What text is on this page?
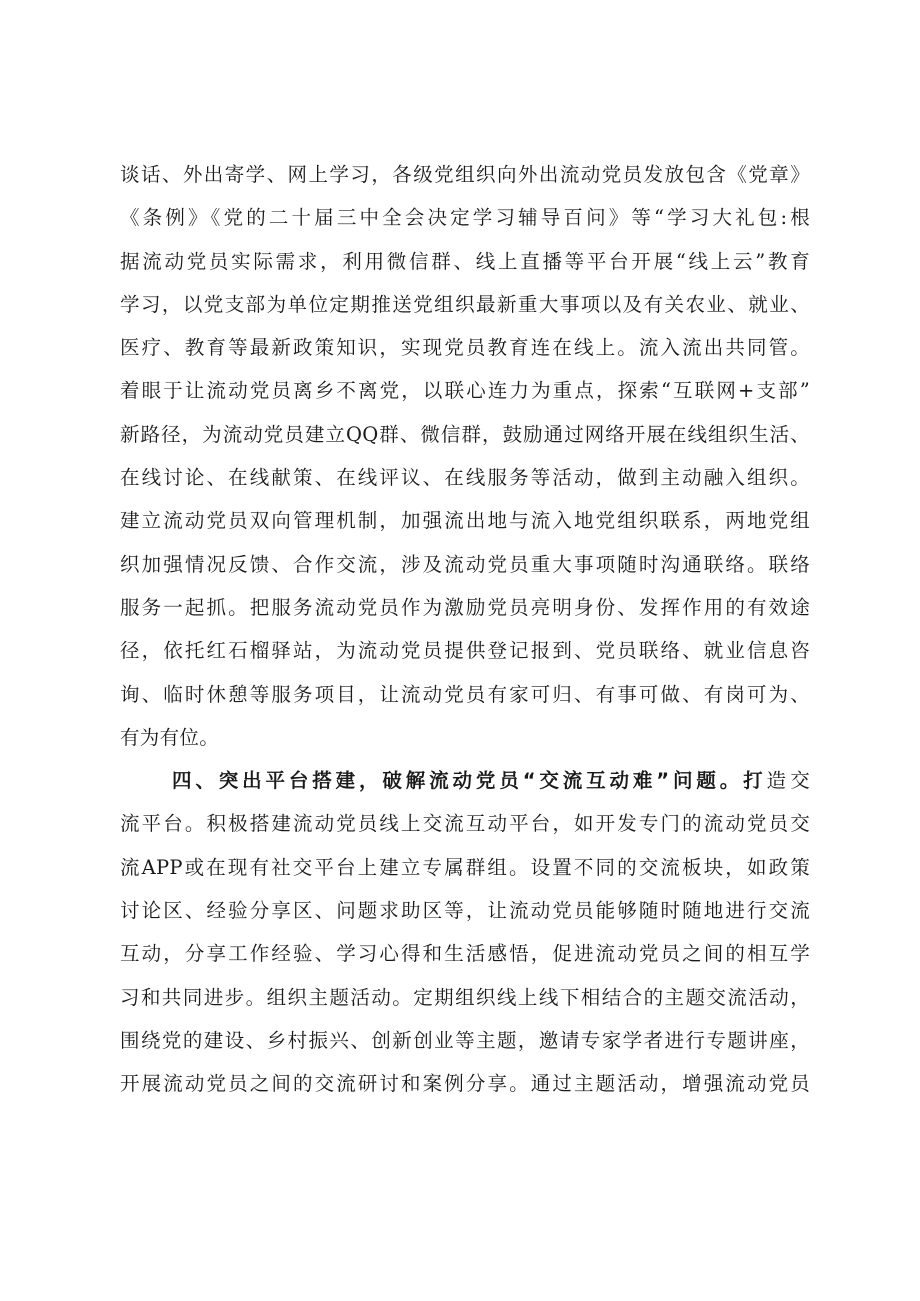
谈话、外出寄学、网上学习，各级党组织向外出流动党员发放包含《党章》
《条例》《党的二十届三中全会决定学习辅导百问》等“学习大礼包:根
据流动党员实际需求，利用微信群、线上直播等平台开展“线上云”教育
学习，以党支部为单位定期推送党组织最新重大事项以及有关农业、就业、
医疗、教育等最新政策知识，实现党员教育连在线上。流入流出共同管。
着眼于让流动党员离乡不离党，以联心连力为重点，探索“互联网+支部”
新路径，为流动党员建立QQ群、微信群，鼓励通过网络开展在线组织生活、
在线讨论、在线献策、在线评议、在线服务等活动，做到主动融入组织。
建立流动党员双向管理机制，加强流出地与流入地党组织联系，两地党组
织加强情况反馈、合作交流，涉及流动党员重大事项随时沟通联络。联络
服务一起抓。把服务流动党员作为激励党员亮明身份、发挥作用的有效途
径，依托红石榴驿站，为流动党员提供登记报到、党员联络、就业信息咨
询、临时休憩等服务项目，让流动党员有家可归、有事可做、有岗可为、
有为有位。
四、突出平台搭建，破解流动党员“交流互动难”问题。打造交
流平台。积极搭建流动党员线上交流互动平台，如开发专门的流动党员交
流APP或在现有社交平台上建立专属群组。设置不同的交流板块，如政策
讨论区、经验分享区、问题求助区等，让流动党员能够随时随地进行交流
互动，分享工作经验、学习心得和生活感悟，促进流动党员之间的相互学
习和共同进步。组织主题活动。定期组织线上线下相结合的主题交流活动，
围绕党的建设、乡村振兴、创新创业等主题，邀请专家学者进行专题讲座，
开展流动党员之间的交流研讨和案例分享。通过主题活动，增强流动党员
